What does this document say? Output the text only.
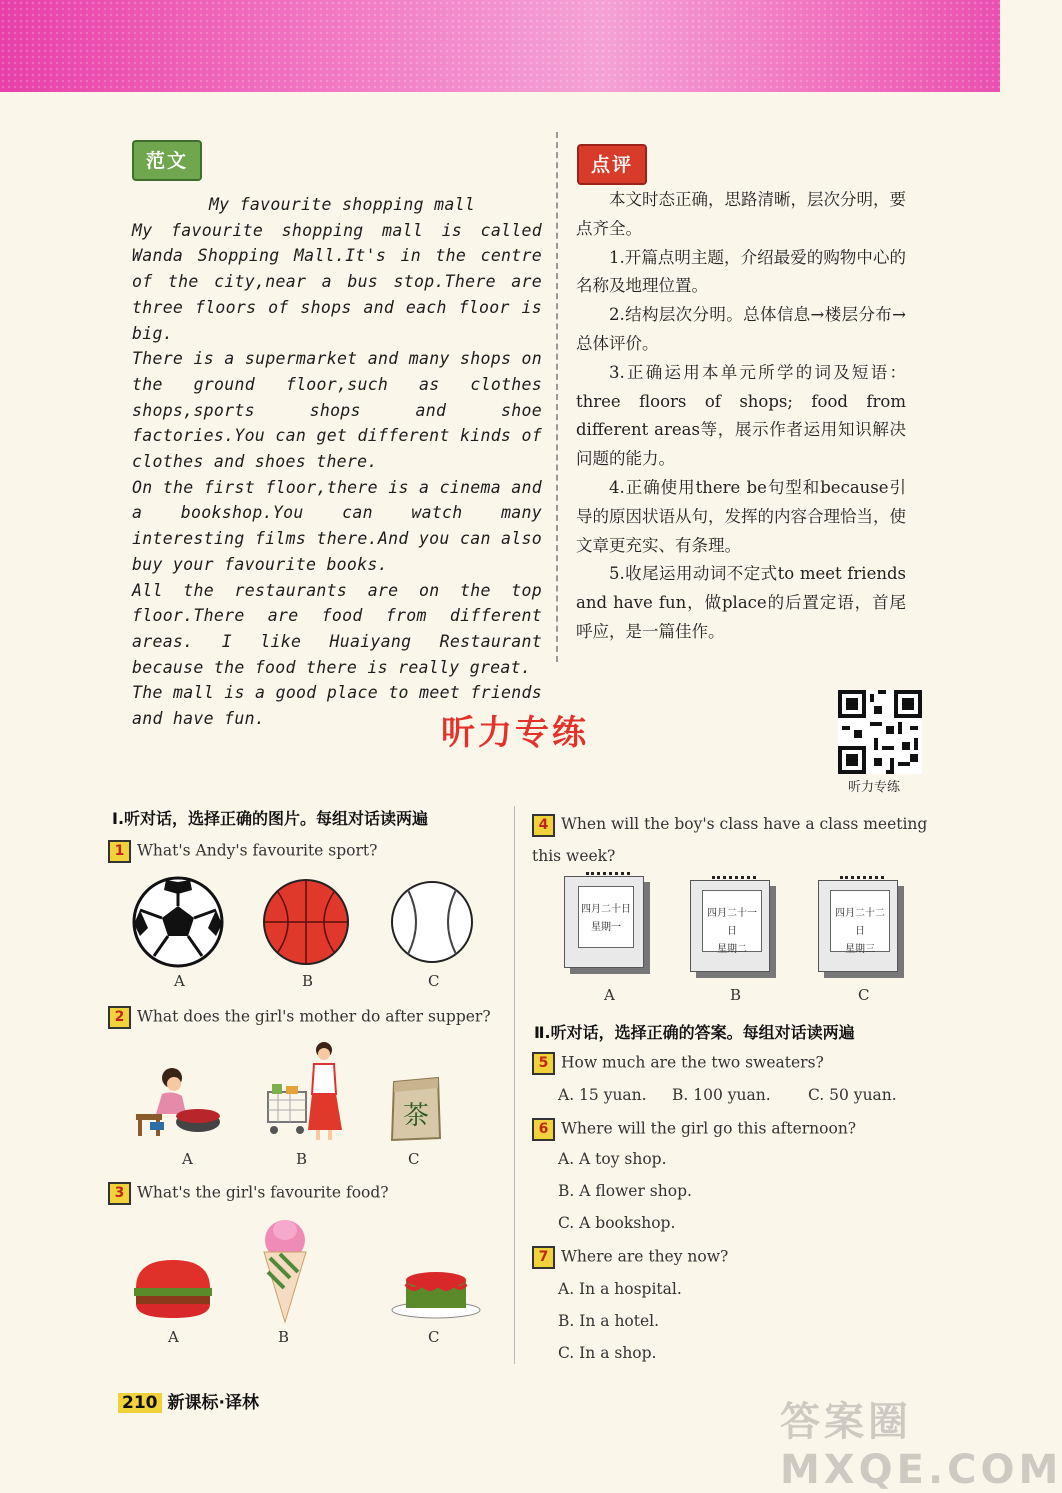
范文
My favourite shopping mall

My favourite shopping mall is called Wanda Shopping Mall.It's in the centre of the city,near a bus stop.There are three floors of shops and each floor is big.

There is a supermarket and many shops on the ground floor,such as clothes shops,sports shops and shoe factories.You can get different kinds of clothes and shoes there.

On the first floor,there is a cinema and a bookshop.You can watch many interesting films there.And you can also buy your favourite books.

All the restaurants are on the top floor.There are food from different areas. I like Huaiyang Restaurant because the food there is really great.

The mall is a good place to meet friends and have fun.

点评

本文时态正确，思路清晰，层次分明，要点齐全。

1.开篇点明主题，介绍最爱的购物中心的名称及地理位置。

2.结构层次分明。总体信息→楼层分布→总体评价。

3.正确运用本单元所学的词及短语：three floors of shops; food from different areas等，展示作者运用知识解决问题的能力。

4.正确使用there be句型和because引导的原因状语从句，发挥的内容合理恰当，使文章更充实、有条理。

5.收尾运用动词不定式to meet friends and have fun，做place的后置定语，首尾呼应，是一篇佳作。

听力专练
听力专练
Ⅰ.听对话，选择正确的图片。每组对话读两遍
1 What's Andy's favourite sport?
A	B	C
2 What does the girl's mother do after supper?
茶
A	B	C
3 What's the girl's favourite food?
A	B	C
4 When will the boy's class have a class meeting this week?
四月二十日
星期一
四月二十一日
星期二
四月二十二日
星期三
A	B	C
Ⅱ.听对话，选择正确的答案。每组对话读两遍
5 How much are the two sweaters?
A. 15 yuan. B. 100 yuan. C. 50 yuan.
6 Where will the girl go this afternoon?
A. A toy shop.
B. A flower shop.
C. A bookshop.
7 Where are they now?
A. In a hospital.
B. In a hotel.
C. In a shop.
210 新课标·译林	答案圈 MXQE.COM
